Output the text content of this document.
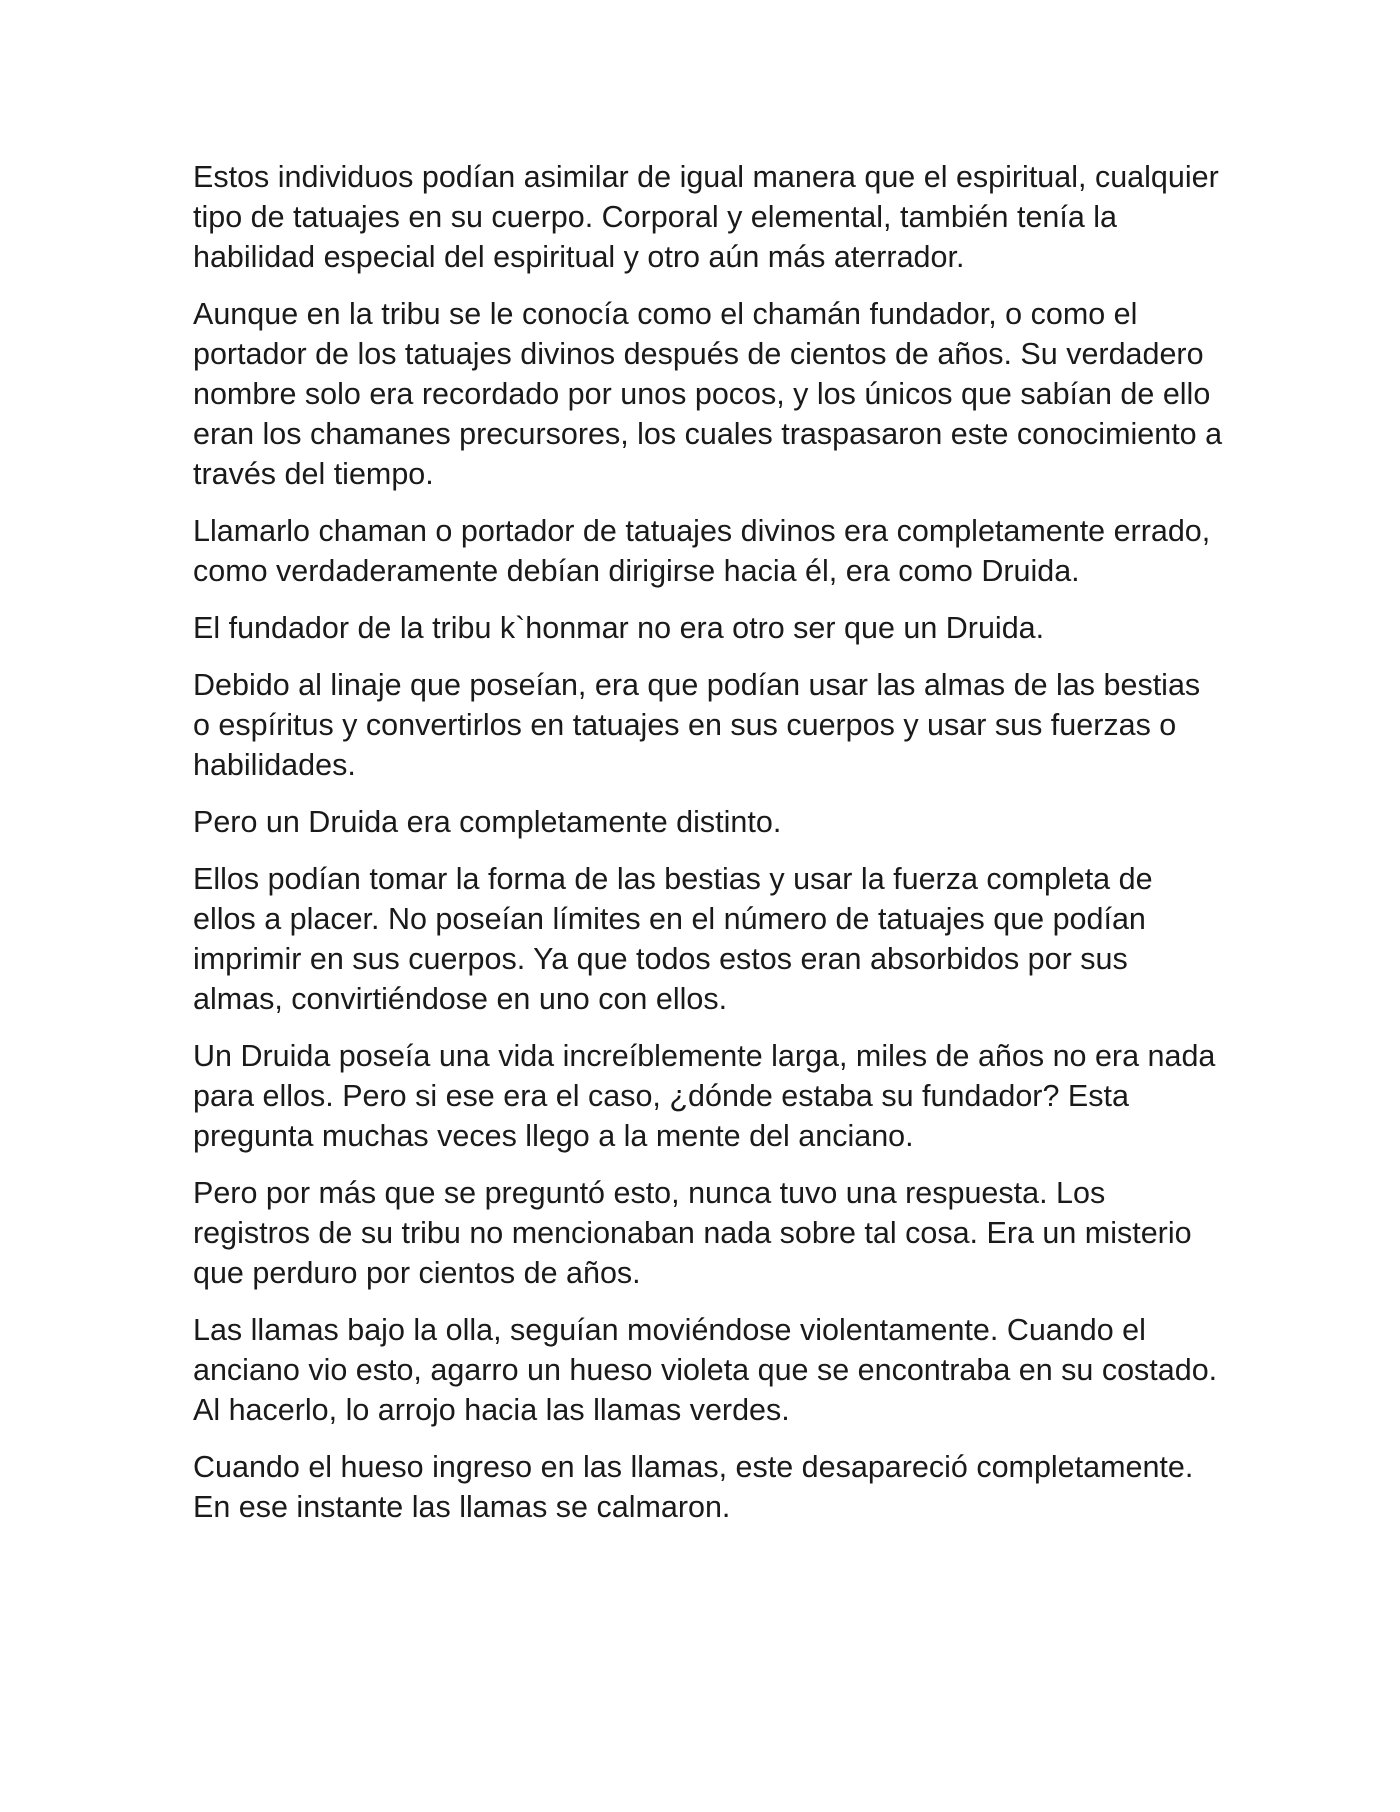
Estos individuos podían asimilar de igual manera que el espiritual, cualquier tipo de tatuajes en su cuerpo. Corporal y elemental, también tenía la habilidad especial del espiritual y otro aún más aterrador.

Aunque en la tribu se le conocía como el chamán fundador, o como el portador de los tatuajes divinos después de cientos de años. Su verdadero nombre solo era recordado por unos pocos, y los únicos que sabían de ello eran los chamanes precursores, los cuales traspasaron este conocimiento a través del tiempo.

Llamarlo chaman o portador de tatuajes divinos era completamente errado, como verdaderamente debían dirigirse hacia él, era como Druida.

El fundador de la tribu k`honmar no era otro ser que un Druida.

Debido al linaje que poseían, era que podían usar las almas de las bestias o espíritus y convertirlos en tatuajes en sus cuerpos y usar sus fuerzas o habilidades.

Pero un Druida era completamente distinto.

Ellos podían tomar la forma de las bestias y usar la fuerza completa de ellos a placer. No poseían límites en el número de tatuajes que podían imprimir en sus cuerpos. Ya que todos estos eran absorbidos por sus almas, convirtiéndose en uno con ellos.

Un Druida poseía una vida increíblemente larga, miles de años no era nada para ellos. Pero si ese era el caso, ¿dónde estaba su fundador? Esta pregunta muchas veces llego a la mente del anciano.

Pero por más que se preguntó esto, nunca tuvo una respuesta. Los registros de su tribu no mencionaban nada sobre tal cosa. Era un misterio que perduro por cientos de años.

Las llamas bajo la olla, seguían moviéndose violentamente. Cuando el anciano vio esto, agarro un hueso violeta que se encontraba en su costado. Al hacerlo, lo arrojo hacia las llamas verdes.

Cuando el hueso ingreso en las llamas, este desapareció completamente. En ese instante las llamas se calmaron.
